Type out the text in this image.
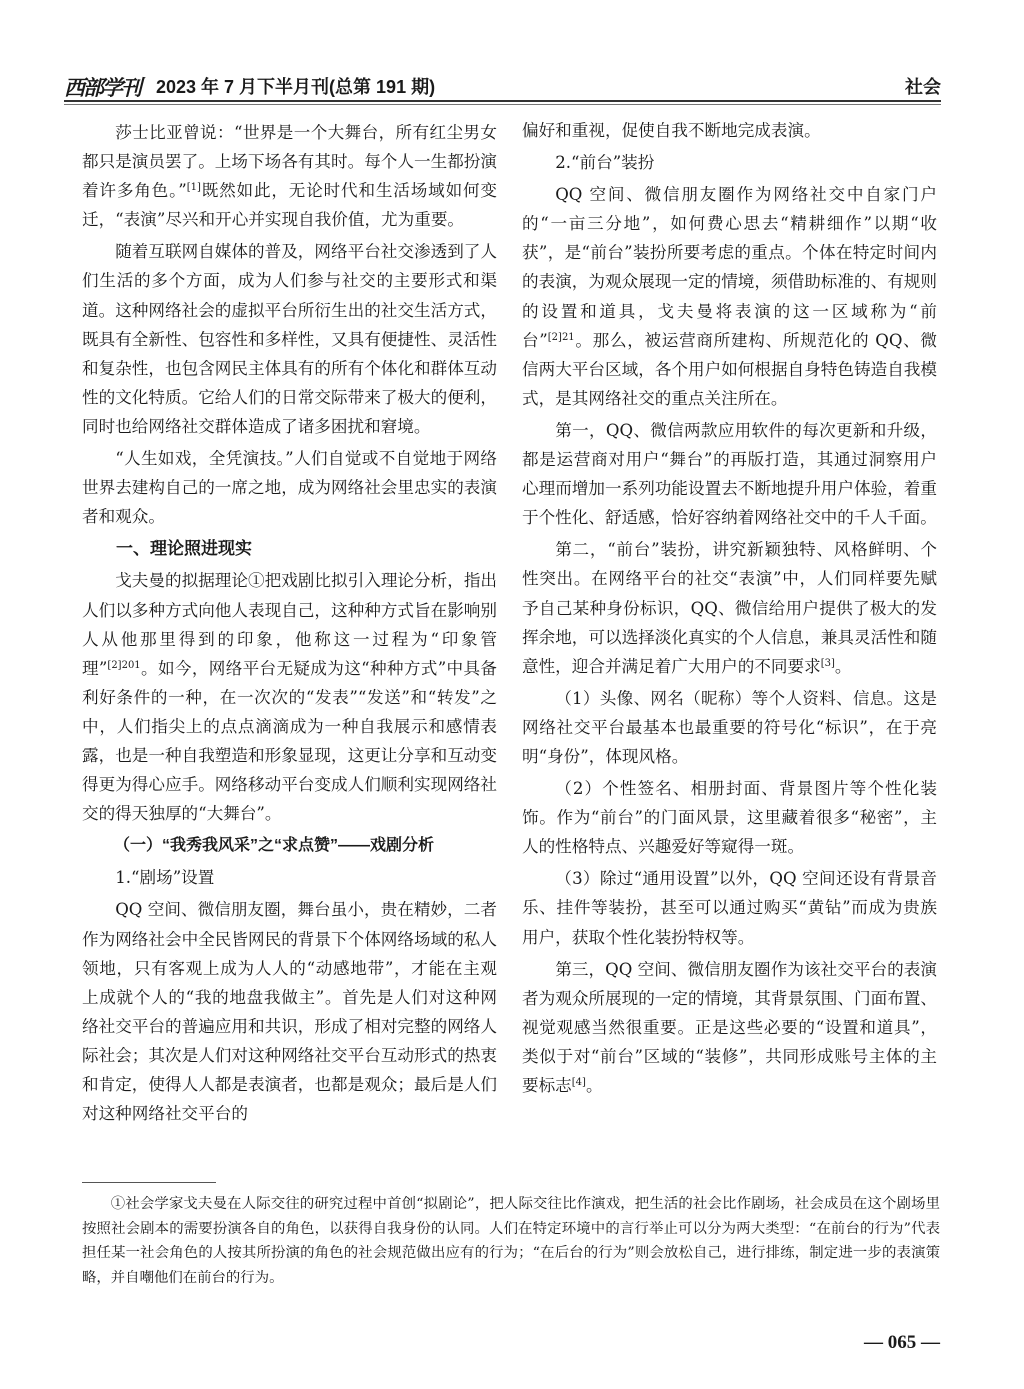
西部学刊 2023 年 7 月下半月刊(总第 191 期)	社会

莎士比亚曾说：“世界是一个大舞台，所有红尘男女都只是演员罢了。上场下场各有其时。每个人一生都扮演着许多角色。”[1]既然如此，无论时代和生活场域如何变迁，“表演”尽兴和开心并实现自我价值，尤为重要。

随着互联网自媒体的普及，网络平台社交渗透到了人们生活的多个方面，成为人们参与社交的主要形式和渠道。这种网络社会的虚拟平台所衍生出的社交生活方式，既具有全新性、包容性和多样性，又具有便捷性、灵活性和复杂性，也包含网民主体具有的所有个体化和群体互动性的文化特质。它给人们的日常交际带来了极大的便利，同时也给网络社交群体造成了诸多困扰和窘境。

“人生如戏，全凭演技。”人们自觉或不自觉地于网络世界去建构自己的一席之地，成为网络社会里忠实的表演者和观众。

一、理论照进现实

戈夫曼的拟据理论①把戏剧比拟引入理论分析，指出人们以多种方式向他人表现自己，这种种方式旨在影响别人从他那里得到的印象，他称这一过程为“印象管理”$^{[2]201}$。如今，网络平台无疑成为这“种种方式”中具备利好条件的一种，在一次次的“发表”“发送”和“转发”之中，人们指尖上的点点滴滴成为一种自我展示和感情表露，也是一种自我塑造和形象显现，这更让分享和互动变得更为得心应手。网络移动平台变成人们顺利实现网络社交的得天独厚的“大舞台”。

（一）“我秀我风采”之“求点赞”——戏剧分析
1.“剧场”设置

QQ 空间、微信朋友圈，舞台虽小，贵在精妙，二者作为网络社会中全民皆网民的背景下个体网络场域的私人领地，只有客观上成为人人的“动感地带”，才能在主观上成就个人的“我的地盘我做主”。首先是人们对这种网络社交平台的普遍应用和共识，形成了相对完整的网络人际社会；其次是人们对这种网络社交平台互动形式的热衷和肯定，使得人人都是表演者，也都是观众；最后是人们对这种网络社交平台的

偏好和重视，促使自我不断地完成表演。

2.“前台”装扮

QQ 空间、微信朋友圈作为网络社交中自家门户的“一亩三分地”，如何费心思去“精耕细作”以期“收获”，是“前台”装扮所要考虑的重点。个体在特定时间内的表演，为观众展现一定的情境，须借助标准的、有规则的设置和道具，戈夫曼将表演的这一区域称为“前台”$^{[2]21}$。那么，被运营商所建构、所规范化的 QQ、微信两大平台区域，各个用户如何根据自身特色铸造自我模式，是其网络社交的重点关注所在。

第一，QQ、微信两款应用软件的每次更新和升级，都是运营商对用户“舞台”的再版打造，其通过洞察用户心理而增加一系列功能设置去不断地提升用户体验，着重于个性化、舒适感，恰好容纳着网络社交中的千人千面。

第二，“前台”装扮，讲究新颖独特、风格鲜明、个性突出。在网络平台的社交“表演”中，人们同样要先赋予自己某种身份标识，QQ、微信给用户提供了极大的发挥余地，可以选择淡化真实的个人信息，兼具灵活性和随意性，迎合并满足着广大用户的不同要求[3]。

（1）头像、网名（昵称）等个人资料、信息。这是网络社交平台最基本也最重要的符号化“标识”，在于亮明“身份”，体现风格。

（2）个性签名、相册封面、背景图片等个性化装饰。作为“前台”的门面风景，这里藏着很多“秘密”，主人的性格特点、兴趣爱好等窥得一斑。

（3）除过“通用设置”以外，QQ 空间还设有背景音乐、挂件等装扮，甚至可以通过购买“黄钻”而成为贵族用户，获取个性化装扮特权等。

第三，QQ 空间、微信朋友圈作为该社交平台的表演者为观众所展现的一定的情境，其背景氛围、门面布置、视觉观感当然很重要。正是这些必要的“设置和道具”，类似于对“前台”区域的“装修”，共同形成账号主体的主要标志[4]。

①社会学家戈夫曼在人际交往的研究过程中首创“拟剧论”，把人际交往比作演戏，把生活的社会比作剧场，社会成员在这个剧场里按照社会剧本的需要扮演各自的角色，以获得自我身份的认同。人们在特定环境中的言行举止可以分为两大类型：“在前台的行为”代表担任某一社会角色的人按其所扮演的角色的社会规范做出应有的行为；“在后台的行为”则会放松自己，进行排练，制定进一步的表演策略，并自嘲他们在前台的行为。

— 065 —
